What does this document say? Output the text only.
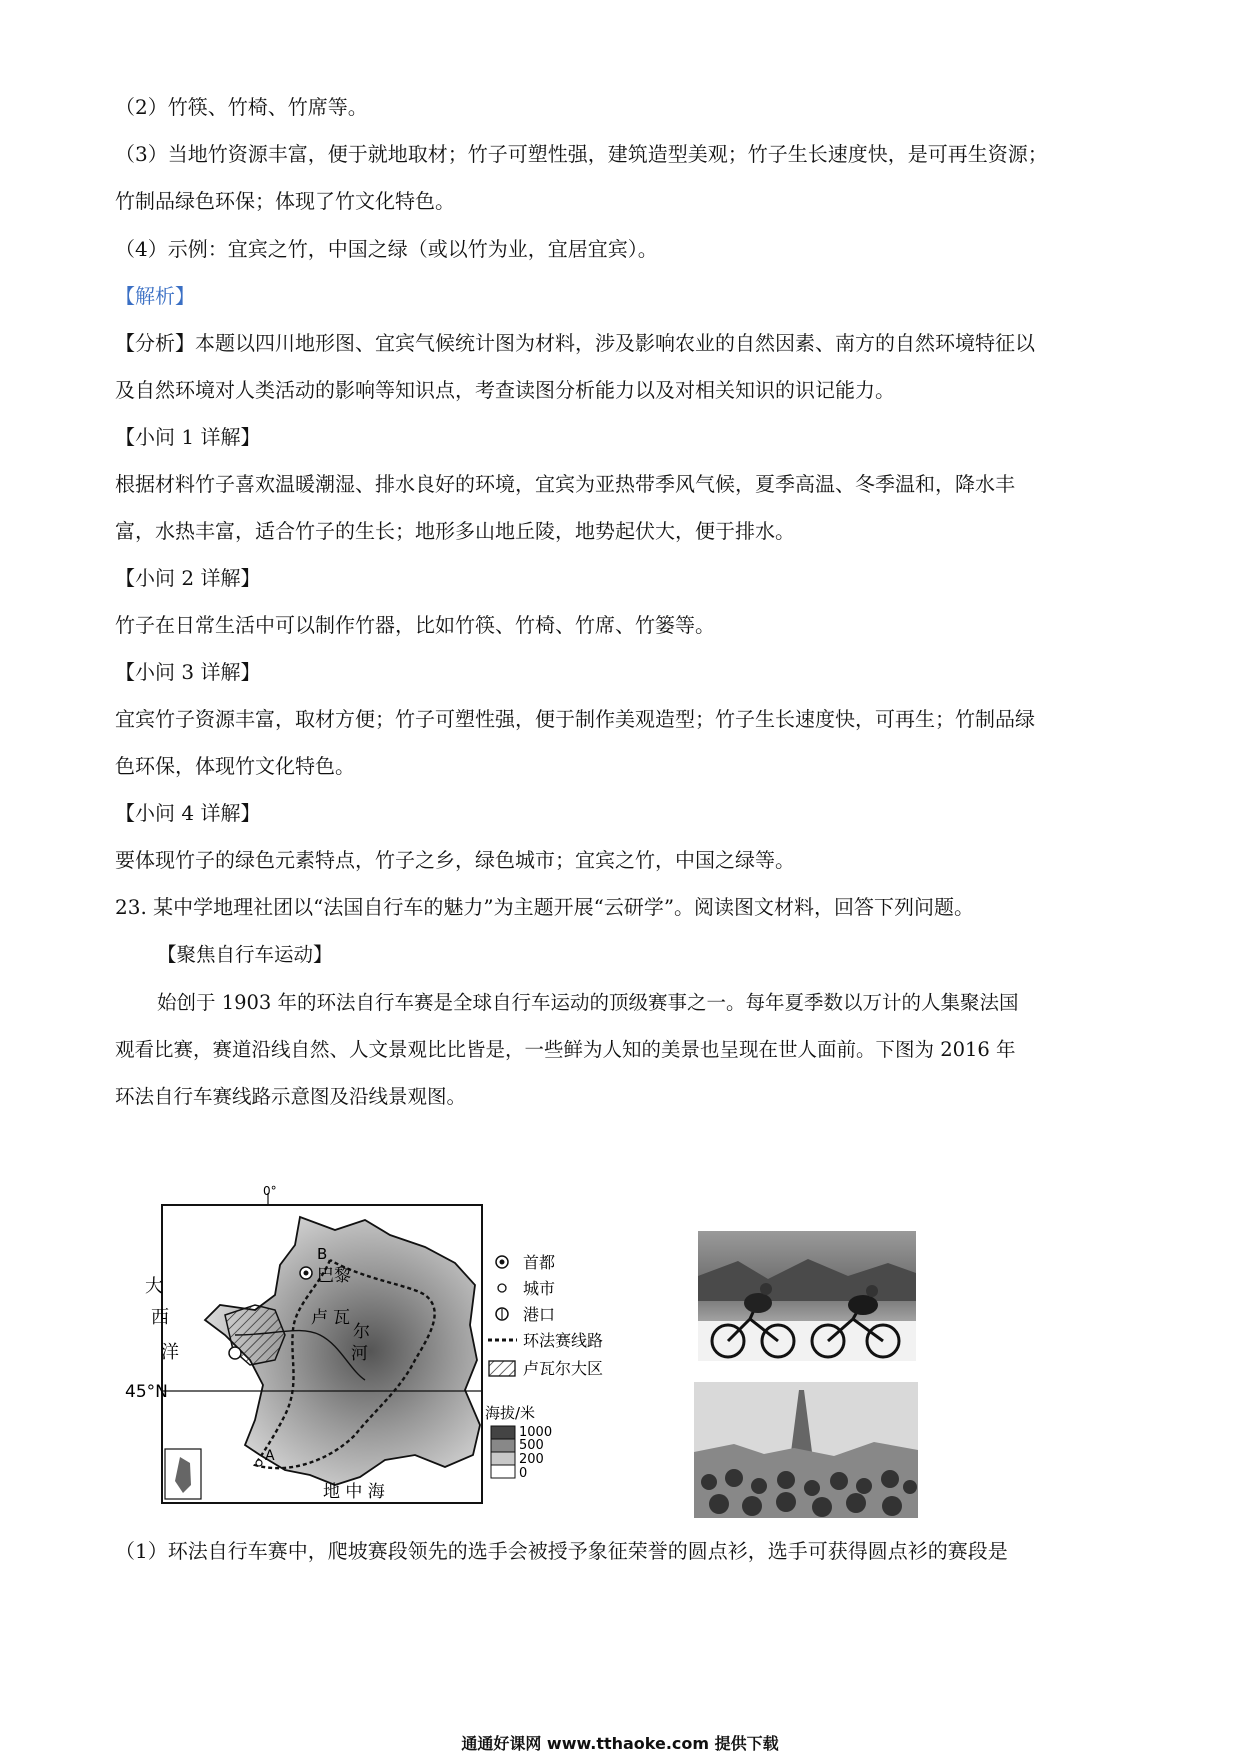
（2）竹筷、竹椅、竹席等。
（3）当地竹资源丰富，便于就地取材；竹子可塑性强，建筑造型美观；竹子生长速度快，是可再生资源；
竹制品绿色环保；体现了竹文化特色。
（4）示例：宜宾之竹，中国之绿（或以竹为业，宜居宜宾）。
【解析】
【分析】本题以四川地形图、宜宾气候统计图为材料，涉及影响农业的自然因素、南方的自然环境特征以
及自然环境对人类活动的影响等知识点，考查读图分析能力以及对相关知识的识记能力。
【小问 1 详解】
根据材料竹子喜欢温暖潮湿、排水良好的环境，宜宾为亚热带季风气候，夏季高温、冬季温和，降水丰
富，水热丰富，适合竹子的生长；地形多山地丘陵，地势起伏大，便于排水。
【小问 2 详解】
竹子在日常生活中可以制作竹器，比如竹筷、竹椅、竹席、竹篓等。
【小问 3 详解】
宜宾竹子资源丰富，取材方便；竹子可塑性强，便于制作美观造型；竹子生长速度快，可再生；竹制品绿
色环保，体现竹文化特色。
【小问 4 详解】
要体现竹子的绿色元素特点，竹子之乡，绿色城市；宜宾之竹，中国之绿等。
23. 某中学地理社团以“法国自行车的魅力”为主题开展“云研学”。阅读图文材料，回答下列问题。
【聚焦自行车运动】
始创于 1903 年的环法自行车赛是全球自行车运动的顶级赛事之一。每年夏季数以万计的人集聚法国
观看比赛，赛道沿线自然、人文景观比比皆是，一些鲜为人知的美景也呈现在世人面前。下图为 2016 年
环法自行车赛线路示意图及沿线景观图。
0°
45°N
大
西
洋
巴黎
B
A
卢 瓦
尔
河
地 中 海
首都
城市
港口
环法赛线路
卢瓦尔大区
海拔/米
1000
500
200
0
（1）环法自行车赛中，爬坡赛段领先的选手会被授予象征荣誉的圆点衫，选手可获得圆点衫的赛段是
通通好课网 www.tthaoke.com 提供下载
